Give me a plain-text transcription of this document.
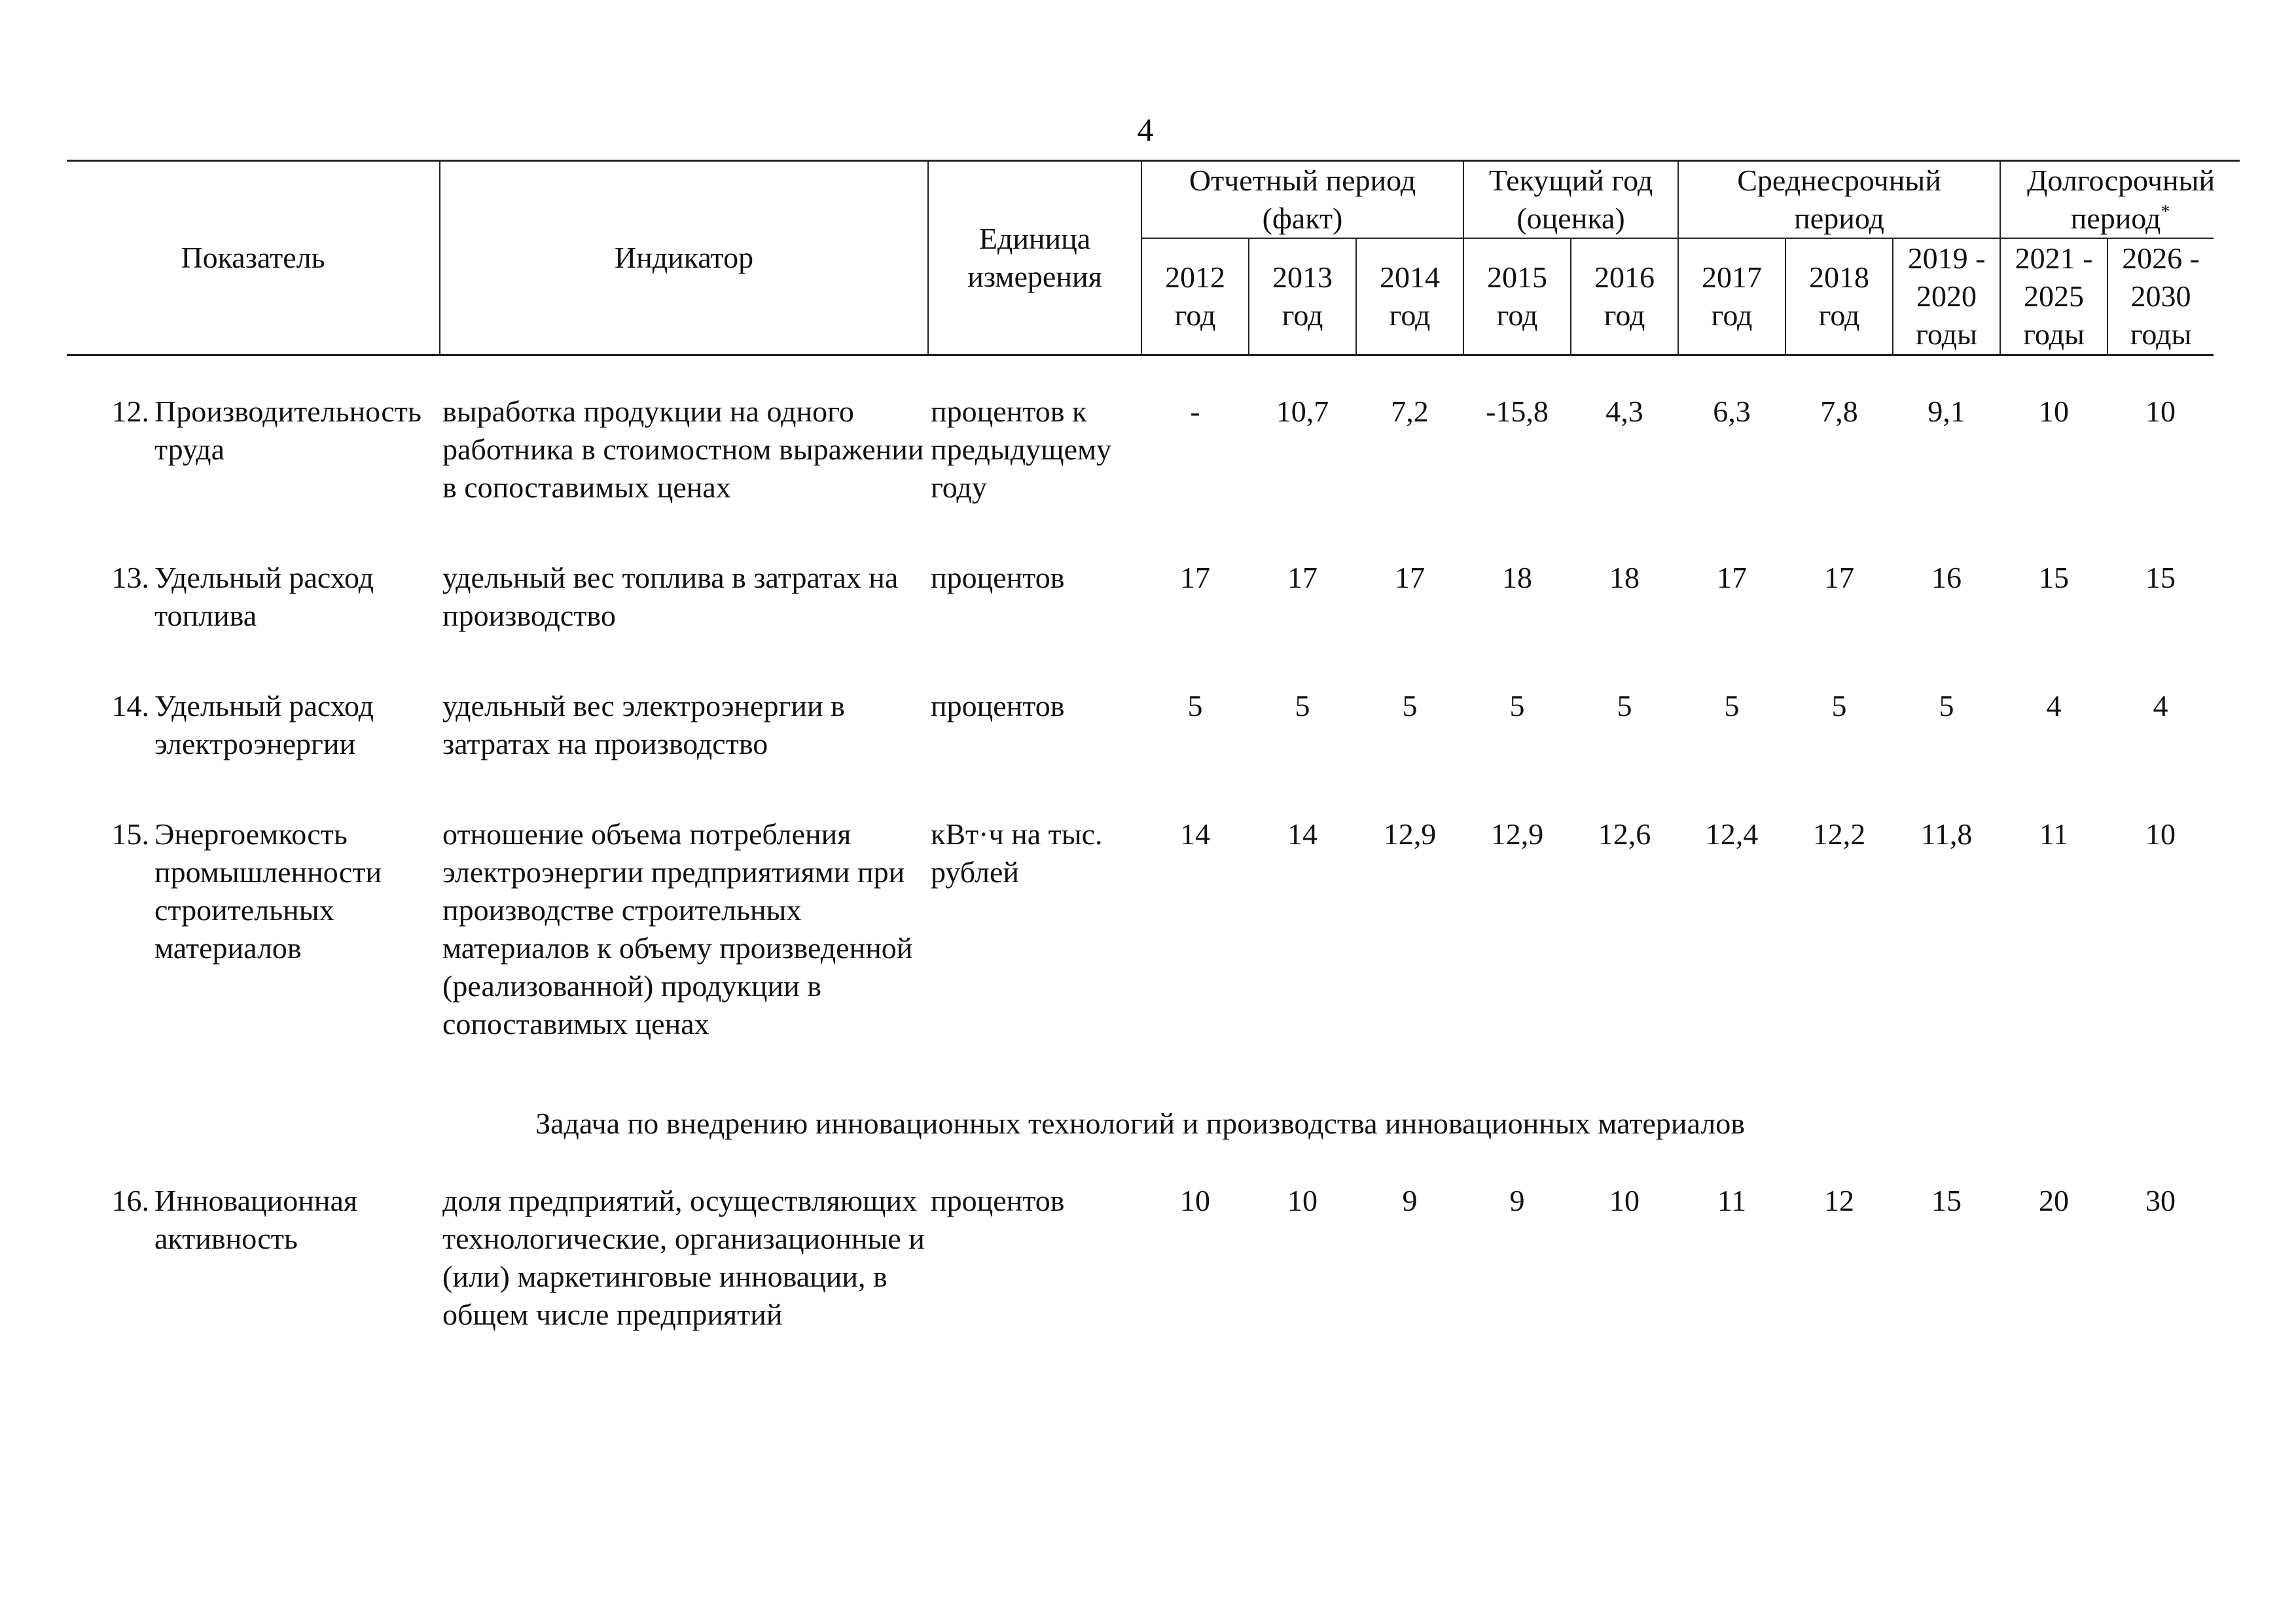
4
Показатель		Индикатор	Единица измерения	Отчетный период (факт)			Текущий год (оценка)		Среднесрочный период			Долгосрочный период*
				2012 год	2013 год	2014 год	2015 год	2016 год	2017 год	2018 год	2019 - 2020 годы	2021 - 2025 годы	2026 - 2030 годы

12.	Производительность труда	выработка продукции на одного работника в стоимостном выражении в сопоставимых ценах	процентов к предыдущему году	-	10,7	7,2	-15,8	4,3	6,3	7,8	9,1	10	10
13.	Удельный расход топлива	удельный вес топлива в затратах на производство	процентов	17	17	17	18	18	17	17	16	15	15
14.	Удельный расход электроэнергии	удельный вес электроэнергии в затратах на производство	процентов	5	5	5	5	5	5	5	5	4	4
15.	Энергоемкость промышленности строительных материалов	отношение объема потребления электроэнергии предприятиями при производстве строительных материалов к объему произведенной (реализованной) продукции в сопоставимых ценах	кВт·ч на тыс. рублей	14	14	12,9	12,9	12,6	12,4	12,2	11,8	11	10
Задача по внедрению инновационных технологий и производства инновационных материалов													
16.	Инновационная активность	доля предприятий, осуществляющих технологические, организационные и (или) маркетинговые инновации, в общем числе предприятий	процентов	10	10	9	9	10	11	12	15	20	30
